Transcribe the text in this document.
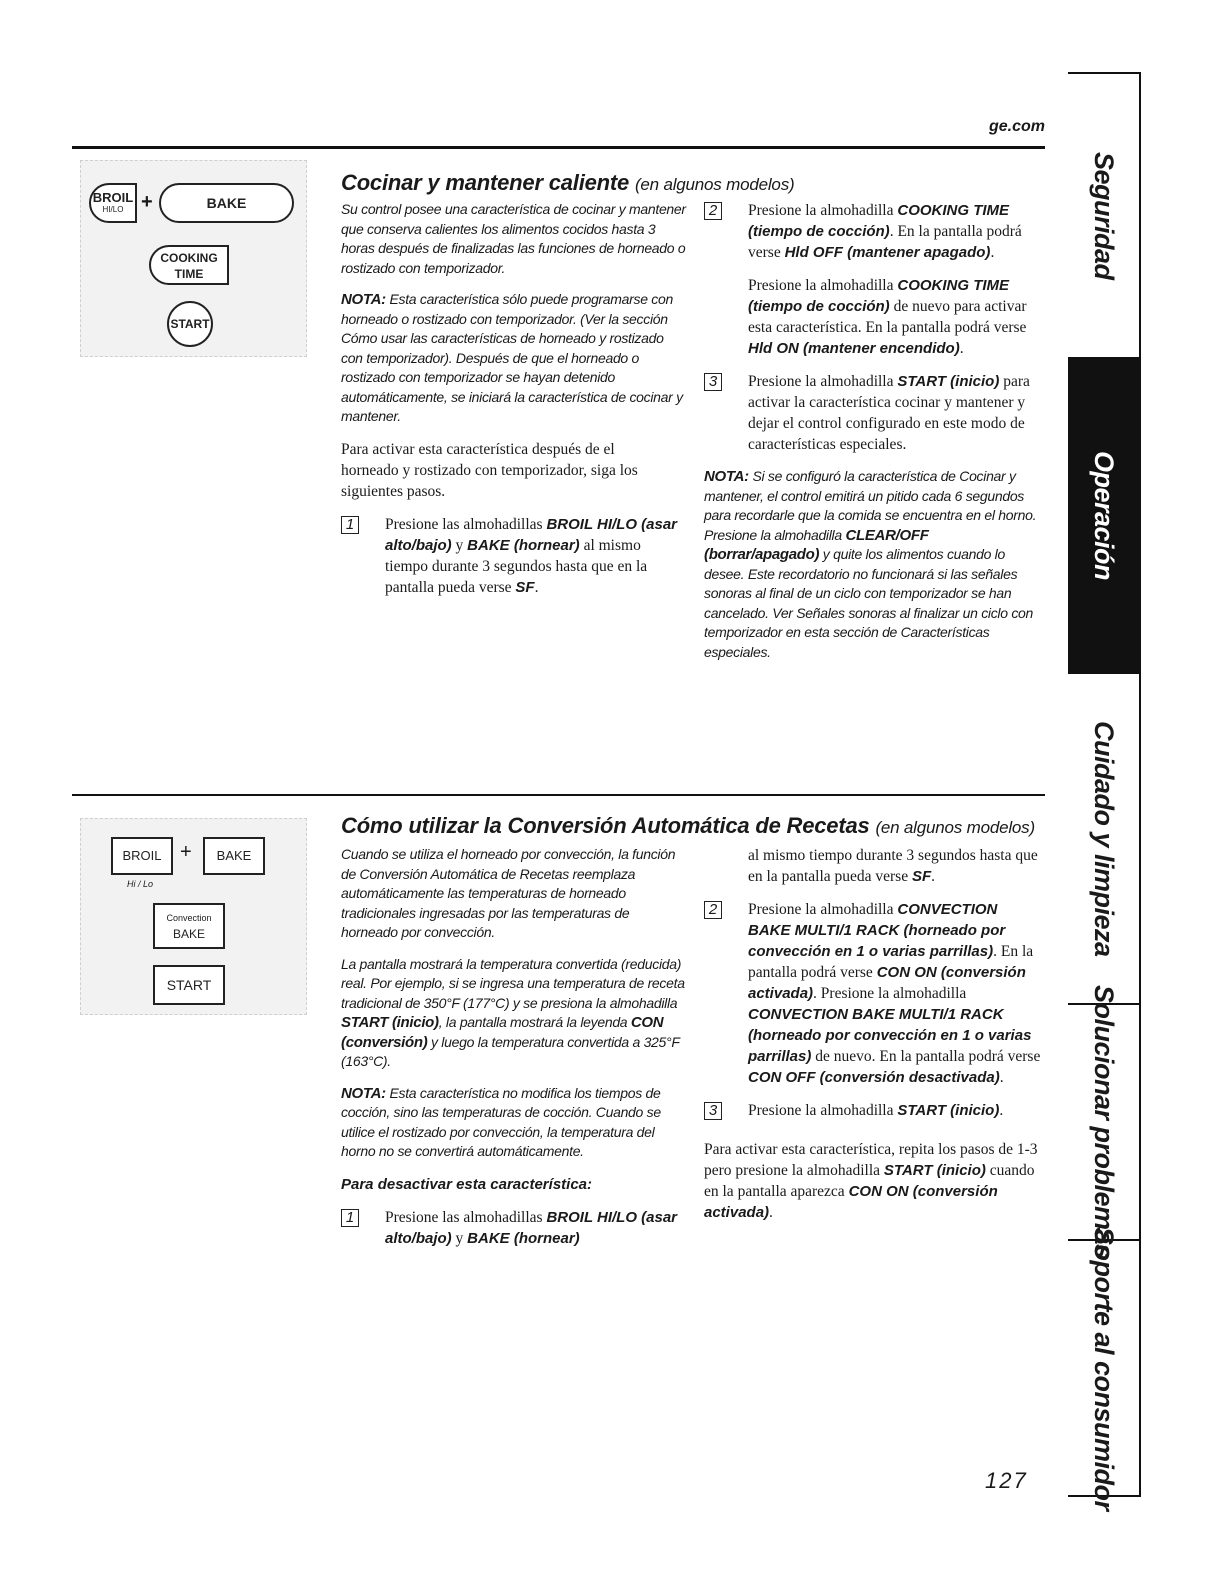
ge.com
BROIL
HI/LO +	BAKE
COOKING
TIME
START
Cocinar y mantener caliente (en algunos modelos)

Su control posee una característica de cocinar y mantener que conserva calientes los alimentos cocidos hasta 3 horas después de finalizadas las funciones de horneado o rostizado con temporizador.

NOTA: Esta característica sólo puede programarse con horneado o rostizado con temporizador. (Ver la sección Cómo usar las características de horneado y rostizado con temporizador). Después de que el horneado o rostizado con temporizador se hayan detenido automáticamente, se iniciará la característica de cocinar y mantener.

Para activar esta característica después de el horneado y rostizado con temporizador, siga los siguientes pasos.

1	Presione las almohadillas BROIL HI/LO (asar alto/bajo) y BAKE (hornear) al mismo tiempo durante 3 segundos hasta que en la pantalla pueda verse SF.
2	Presione la almohadilla COOKING TIME (tiempo de cocción). En la pantalla podrá verse Hld OFF (mantener apagado).
Presione la almohadilla COOKING TIME (tiempo de cocción) de nuevo para activar esta característica. En la pantalla podrá verse Hld ON (mantener encendido).
3	Presione la almohadilla START (inicio) para activar la característica cocinar y mantener y dejar el control configurado en este modo de características especiales.

NOTA: Si se configuró la característica de Cocinar y mantener, el control emitirá un pitido cada 6 segundos para recordarle que la comida se encuentra en el horno. Presione la almohadilla CLEAR/OFF (borrar/apagado) y quite los alimentos cuando lo desee. Este recordatorio no funcionará si las señales sonoras al final de un ciclo con temporizador se han cancelado. Ver Señales sonoras al finalizar un ciclo con temporizador en esta sección de Características especiales.

BROIL
Hi / Lo
+	BAKE
Convection
BAKE
START
Cómo utilizar la Conversión Automática de Recetas (en algunos modelos)

Cuando se utiliza el horneado por convección, la función de Conversión Automática de Recetas reemplaza automáticamente las temperaturas de horneado tradicionales ingresadas por las temperaturas de horneado por convección.

La pantalla mostrará la temperatura convertida (reducida) real. Por ejemplo, si se ingresa una temperatura de receta tradicional de 350°F (177°C) y se presiona la almohadilla START (inicio), la pantalla mostrará la leyenda CON (conversión) y luego la temperatura convertida a 325°F (163°C).

NOTA: Esta característica no modifica los tiempos de cocción, sino las temperaturas de cocción. Cuando se utilice el rostizado por convección, la temperatura del horno no se convertirá automáticamente.

Para desactivar esta característica:

1	Presione las almohadillas BROIL HI/LO (asar alto/bajo) y BAKE (hornear)
al mismo tiempo durante 3 segundos hasta que en la pantalla pueda verse SF.
2	Presione la almohadilla CONVECTION BAKE MULTI/1 RACK (horneado por convección en 1 o varias parrillas). En la pantalla podrá verse CON ON (conversión activada). Presione la almohadilla CONVECTION BAKE MULTI/1 RACK (horneado por convección en 1 o varias parrillas) de nuevo. En la pantalla podrá verse CON OFF (conversión desactivada).
3	Presione la almohadilla START (inicio).

Para activar esta característica, repita los pasos de 1-3 pero presione la almohadilla START (inicio) cuando en la pantalla aparezca CON ON (conversión activada).

Seguridad
Operación
Cuidado y limpieza
Solucionar problemas
Soporte al consumidor
127
